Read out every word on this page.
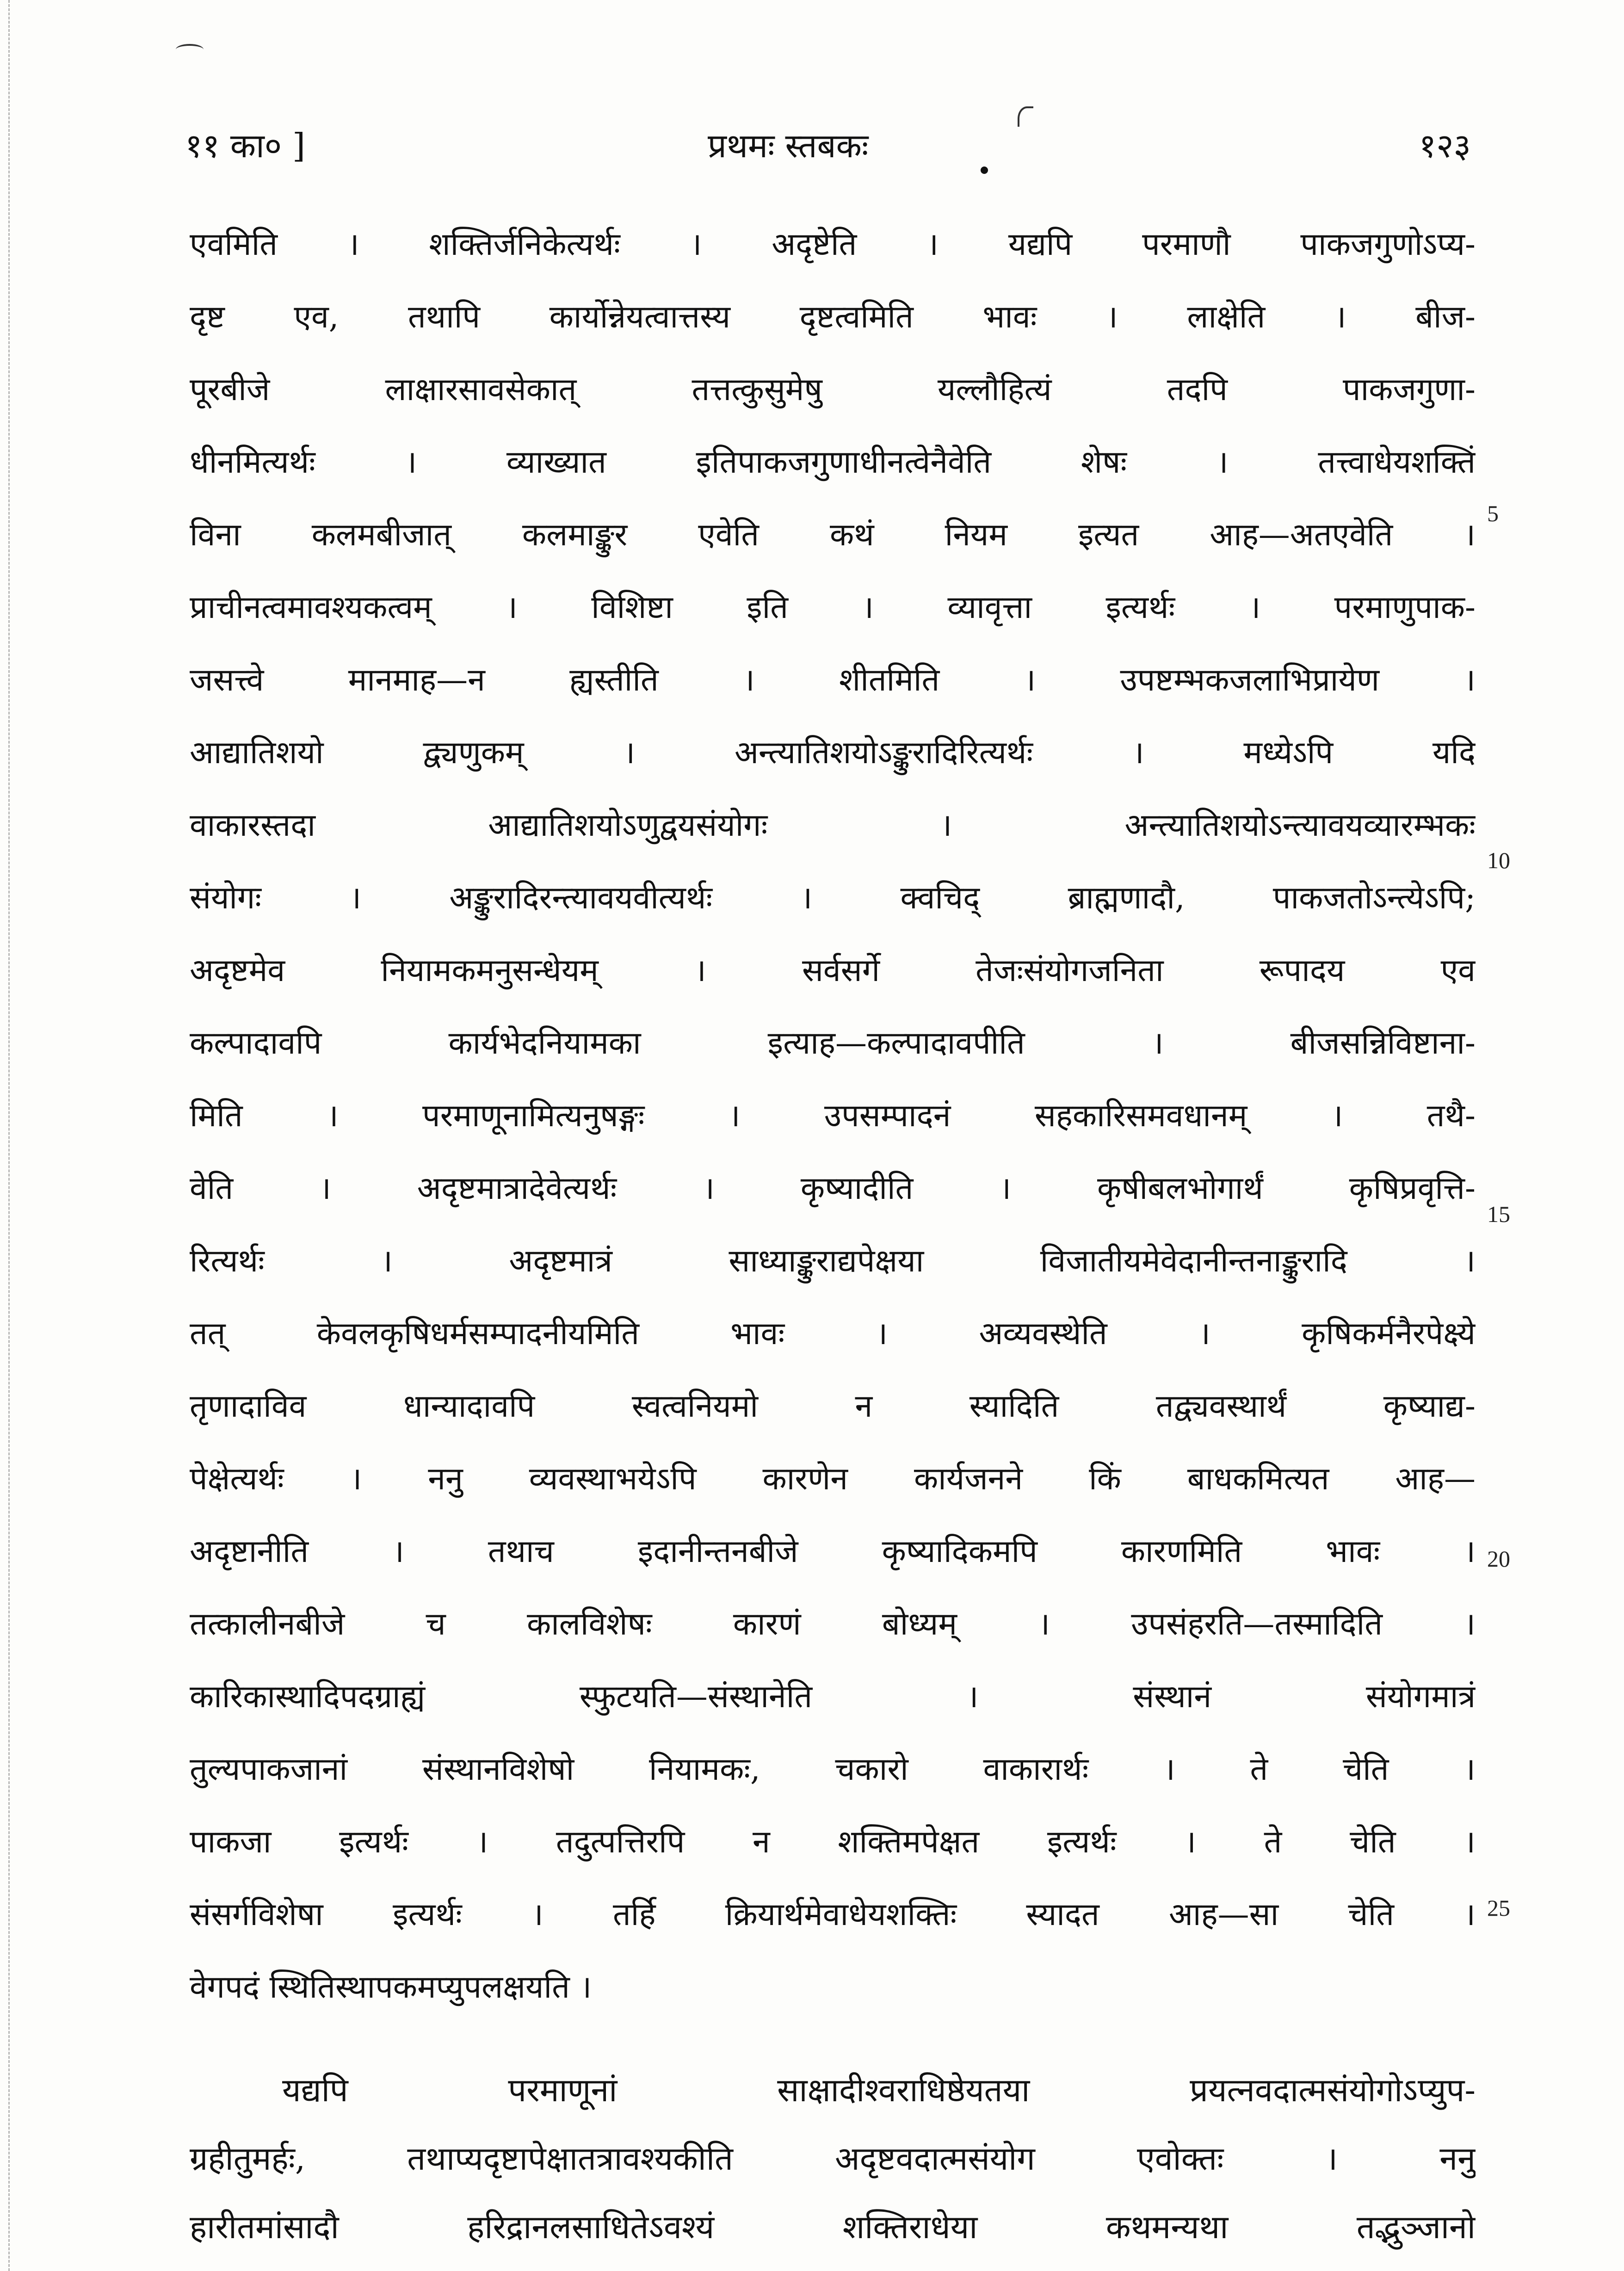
११ का० ]	प्रथमः स्तबकः	१२३
एवमिति । शक्तिर्जनिकेत्यर्थः । अदृष्टेति । यद्यपि परमाणौ पाकजगुणोऽप्य-
दृष्ट एव, तथापि कार्योन्नेयत्वात्तस्य दृष्टत्वमिति भावः । लाक्षेति । बीज-
पूरबीजे लाक्षारसावसेकात् तत्तत्कुसुमेषु यल्लौहित्यं तदपि पाकजगुणा-
धीनमित्यर्थः । व्याख्यात इतिपाकजगुणाधीनत्वेनैवेति शेषः । तत्त्वाधेयशक्तिं
विना कलमबीजात् कलमाङ्कुर एवेति कथं नियम इत्यत आह—अतएवेति ।
प्राचीनत्वमावश्यकत्वम् । विशिष्टा इति । व्यावृत्ता इत्यर्थः । परमाणुपाक-
जसत्त्वे मानमाह—न ह्यस्तीति । शीतमिति । उपष्टम्भकजलाभिप्रायेण ।
आद्यातिशयो द्व्यणुकम् । अन्त्यातिशयोऽङ्कुरादिरित्यर्थः । मध्येऽपि यदि
वाकारस्तदा आद्यातिशयोऽणुद्वयसंयोगः । अन्त्यातिशयोऽन्त्यावयव्यारम्भकः
संयोगः । अङ्कुरादिरन्त्यावयवीत्यर्थः । क्वचिद् ब्राह्मणादौ, पाकजतोऽन्त्येऽपि;
अदृष्टमेव नियामकमनुसन्धेयम् । सर्वसर्गे तेजःसंयोगजनिता रूपादय एव
कल्पादावपि कार्यभेदनियामका इत्याह—कल्पादावपीति । बीजसन्निविष्टाना-
मिति । परमाणूनामित्यनुषङ्गः । उपसम्पादनं सहकारिसमवधानम् । तथै-
वेति । अदृष्टमात्रादेवेत्यर्थः । कृष्यादीति । कृषीबलभोगार्थं कृषिप्रवृत्ति-
रित्यर्थः । अदृष्टमात्रं साध्याङ्कुराद्यपेक्षया विजातीयमेवेदानीन्तनाङ्कुरादि ।
तत् केवलकृषिधर्मसम्पादनीयमिति भावः । अव्यवस्थेति । कृषिकर्मनैरपेक्ष्ये
तृणादाविव धान्यादावपि स्वत्वनियमो न स्यादिति तद्व्यवस्थार्थं कृष्याद्य-
पेक्षेत्यर्थः । ननु व्यवस्थाभयेऽपि कारणेन कार्यजनने किं बाधकमित्यत आह—
अदृष्टानीति । तथाच इदानीन्तनबीजे कृष्यादिकमपि कारणमिति भावः ।
तत्कालीनबीजे च कालविशेषः कारणं बोध्यम् । उपसंहरति—तस्मादिति ।
कारिकास्थादिपदग्राह्यं स्फुटयति—संस्थानेति । संस्थानं संयोगमात्रं
तुल्यपाकजानां संस्थानविशेषो नियामकः, चकारो वाकारार्थः । ते चेति ।
पाकजा इत्यर्थः । तदुत्पत्तिरपि न शक्तिमपेक्षत इत्यर्थः । ते चेति ।
संसर्गविशेषा इत्यर्थः । तर्हि क्रियार्थमेवाधेयशक्तिः स्यादत आह—सा चेति ।
वेगपदं स्थितिस्थापकमप्युपलक्षयति ।
यद्यपि परमाणूनां साक्षादीश्वराधिष्ठेयतया प्रयत्नवदात्मसंयोगोऽप्युप-
ग्रहीतुमर्हः, तथाप्यदृष्टापेक्षातत्रावश्यकीति अदृष्टवदात्मसंयोग एवोक्तः । ननु
हारीतमांसादौ हरिद्रानलसाधितेऽवश्यं शक्तिराधेया कथमन्यथा तद्भुञ्जानो
5
10
15
20
25
